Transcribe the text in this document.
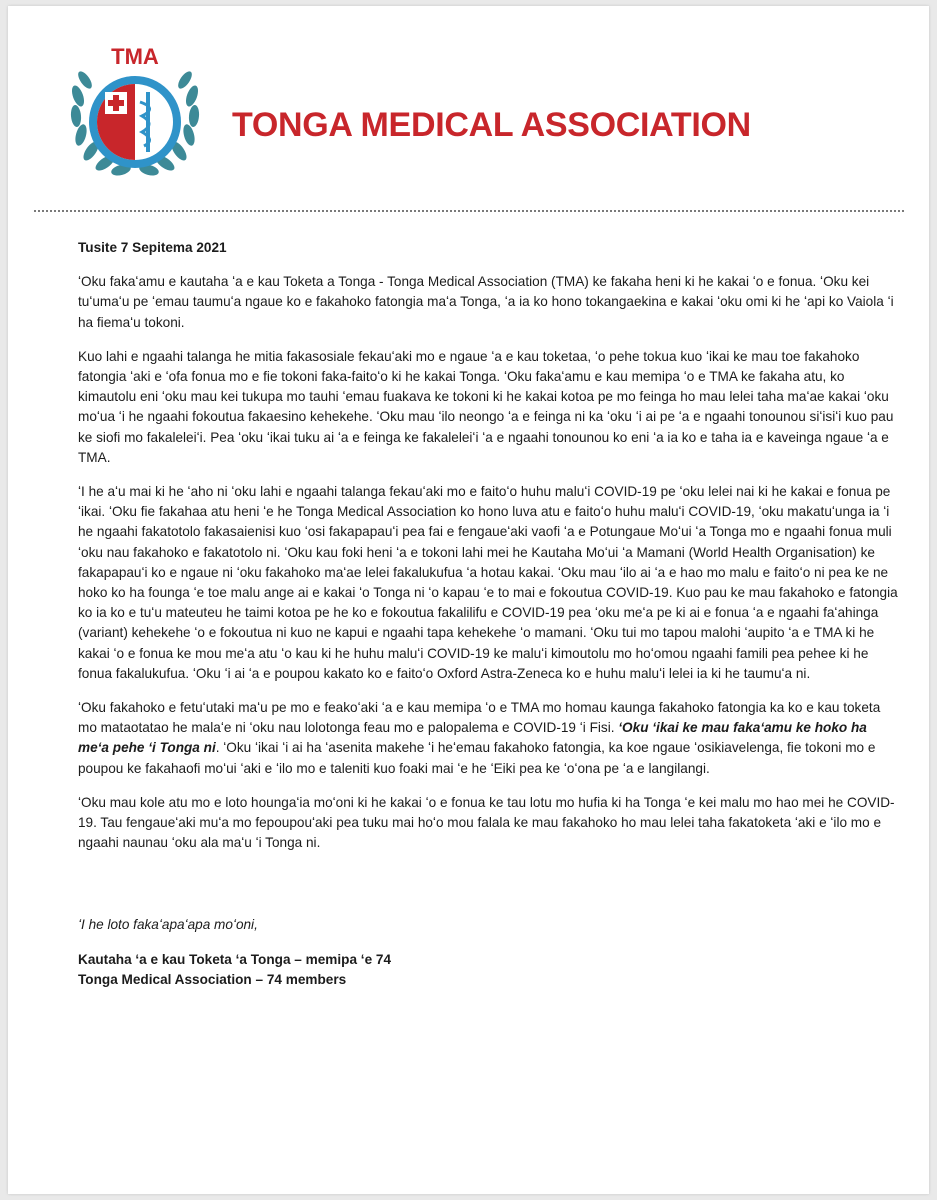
TMA
TONGA MEDICAL ASSOCIATION

Tusite 7 Sepitema 2021

ʻOku fakaʻamu e kautaha ʻa e kau Toketa a Tonga - Tonga Medical Association (TMA) ke fakaha heni ki he kakai ʻo e fonua. ʻOku kei tuʻumaʻu pe ʻemau taumuʻa ngaue ko e fakahoko fatongia maʻa Tonga, ʻa ia ko hono tokangaekina e kakai ʻoku omi ki he ʻapi ko Vaiola ʻi ha fiemaʻu tokoni.

Kuo lahi e ngaahi talanga he mitia fakasosiale fekauʻaki mo e ngaue ʻa e kau toketaa, ʻo pehe tokua kuo ʻikai ke mau toe fakahoko fatongia ʻaki e ʻofa fonua mo e fie tokoni faka-faitoʻo ki he kakai Tonga. ʻOku fakaʻamu e kau memipa ʻo e TMA ke fakaha atu, ko kimautolu eni ʻoku mau kei tukupa mo tauhi ʻemau fuakava ke tokoni ki he kakai kotoa pe mo feinga ho mau lelei taha maʻae kakai ʻoku moʻua ʻi he ngaahi fokoutua fakaesino kehekehe. ʻOku mau ʻilo neongo ʻa e feinga ni ka ʻoku ʻi ai pe ʻa e ngaahi tonounou siʻisiʻi kuo pau ke siofi mo fakaleleiʻi. Pea ʻoku ʻikai tuku ai ʻa e feinga ke fakaleleiʻi ʻa e ngaahi tonounou ko eni ʻa ia ko e taha ia e kaveinga ngaue ʻa e TMA.

ʻI he aʻu mai ki he ʻaho ni ʻoku lahi e ngaahi talanga fekauʻaki mo e faitoʻo huhu maluʻi COVID-19 pe ʻoku lelei nai ki he kakai e fonua pe ʻikai. ʻOku fie fakahaa atu heni ʻe he Tonga Medical Association ko hono luva atu e faitoʻo huhu maluʻi COVID-19, ʻoku makatuʻunga ia ʻi he ngaahi fakatotolo fakasaienisi kuo ʻosi fakapapauʻi pea fai e fengaueʻaki vaofi ʻa e Potungaue Moʻui ʻa Tonga mo e ngaahi fonua muli ʻoku nau fakahoko e fakatotolo ni. ʻOku kau foki heni ʻa e tokoni lahi mei he Kautaha Moʻui ʻa Mamani (World Health Organisation) ke fakapapauʻi ko e ngaue ni ʻoku fakahoko maʻae lelei fakalukufua ʻa hotau kakai. ʻOku mau ʻilo ai ʻa e hao mo malu e faitoʻo ni pea ke ne hoko ko ha founga ʻe toe malu ange ai e kakai ʻo Tonga ni ʻo kapau ʻe to mai e fokoutua COVID-19. Kuo pau ke mau fakahoko e fatongia ko ia ko e tuʻu mateuteu he taimi kotoa pe he ko e fokoutua fakalilifu e COVID-19 pea ʻoku meʻa pe ki ai e fonua ʻa e ngaahi faʻahinga (variant) kehekehe ʻo e fokoutua ni kuo ne kapui e ngaahi tapa kehekehe ʻo mamani. ʻOku tui mo tapou malohi ʻaupito ʻa e TMA ki he kakai ʻo e fonua ke mou meʻa atu ʻo kau ki he huhu maluʻi COVID-19 ke maluʻi kimoutolu mo hoʻomou ngaahi famili pea pehee ki he fonua fakalukufua. ʻOku ʻi ai ʻa e poupou kakato ko e faitoʻo Oxford Astra-Zeneca ko e huhu maluʻi lelei ia ki he taumuʻa ni.

ʻOku fakahoko e fetuʻutaki maʻu pe mo e feakoʻaki ʻa e kau memipa ʻo e TMA mo homau kaunga fakahoko fatongia ka ko e kau toketa mo mataotatao he malaʻe ni ʻoku nau lolotonga feau mo e palopalema e COVID-19 ʻi Fisi. ʻOku ʻikai ke mau fakaʻamu ke hoko ha meʻa pehe ʻi Tonga ni. ʻOku ʻikai ʻi ai ha ʻasenita makehe ʻi heʻemau fakahoko fatongia, ka koe ngaue ʻosikiavelenga, fie tokoni mo e poupou ke fakahaofi moʻui ʻaki e ʻilo mo e taleniti kuo foaki mai ʻe he ʻEiki pea ke ʻoʻona pe ʻa e langilangi.

ʻOku mau kole atu mo e loto houngaʻia moʻoni ki he kakai ʻo e fonua ke tau lotu mo hufia ki ha Tonga ʻe kei malu mo hao mei he COVID-19. Tau fengaueʻaki muʻa mo fepoupouʻaki pea tuku mai hoʻo mou falala ke mau fakahoko ho mau lelei taha fakatoketa ʻaki e ʻilo mo e ngaahi naunau ʻoku ala maʻu ʻi Tonga ni.

ʻI he loto fakaʻapaʻapa moʻoni,

Kautaha ʻa e kau Toketa ʻa Tonga – memipa ʻe 74

Tonga Medical Association – 74 members
